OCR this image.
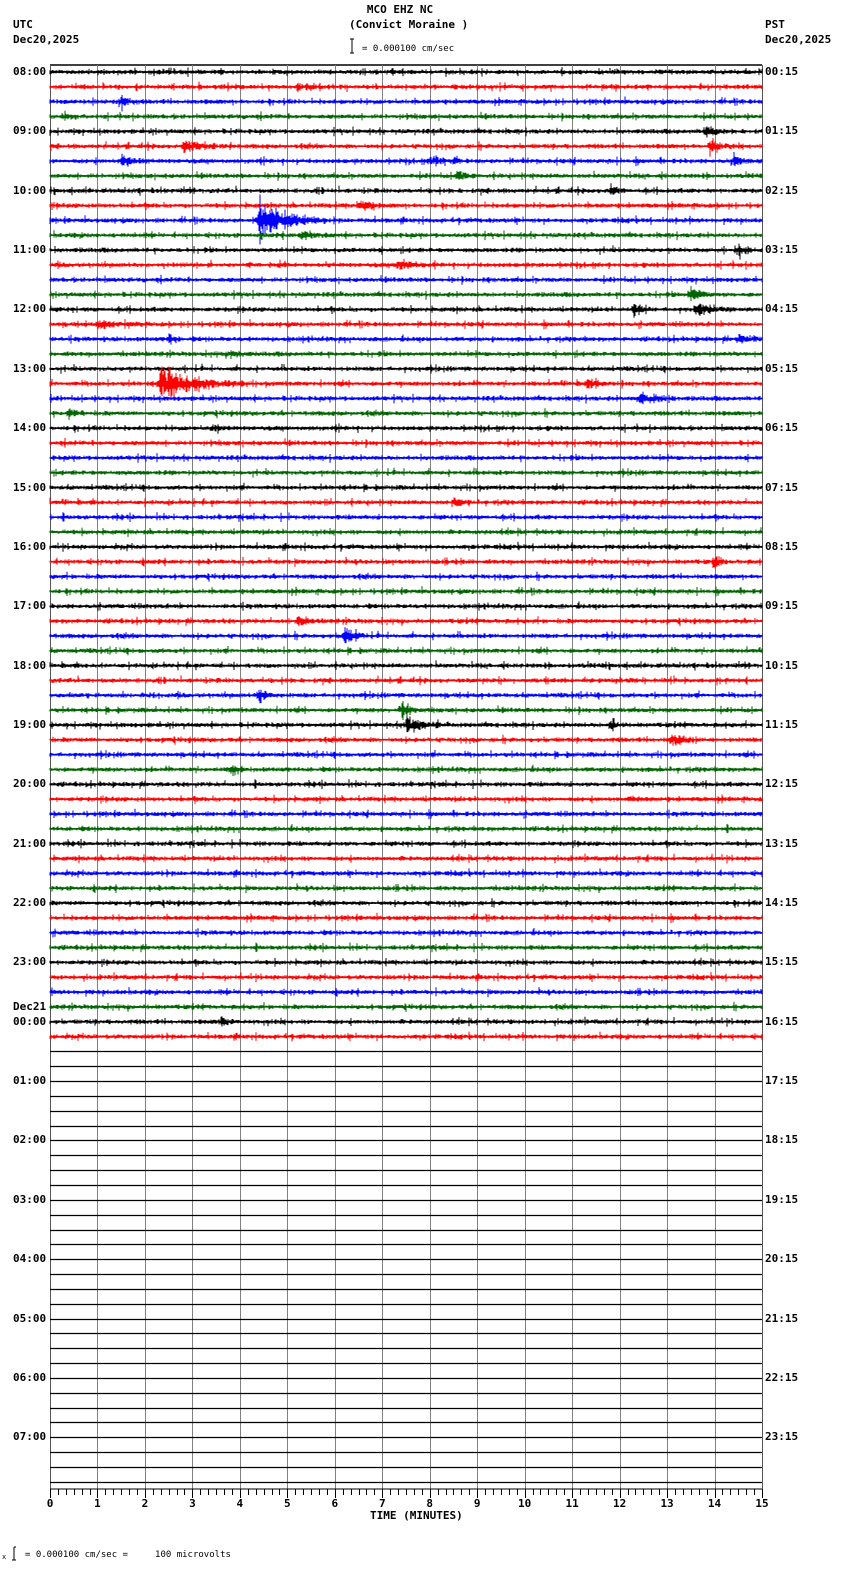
MCO EHZ NC
(Convict Moraine )
= 0.000100 cm/sec
UTC
Dec20,2025
PST
Dec20,2025
08:00
09:00
10:00
11:00
12:00
13:00
14:00
15:00
16:00
17:00
18:00
19:00
20:00
21:00
22:00
23:00
00:00
Dec21
01:00
02:00
03:00
04:00
05:00
06:00
07:00
00:15
01:15
02:15
03:15
04:15
05:15
06:15
07:15
08:15
09:15
10:15
11:15
12:15
13:15
14:15
15:15
16:15
17:15
18:15
19:15
20:15
21:15
22:15
23:15
0	1	2	3	4	5	6	7	8	9	10	11	12	13	14	15
TIME (MINUTES)
x = 0.000100 cm/sec =     100 microvolts
